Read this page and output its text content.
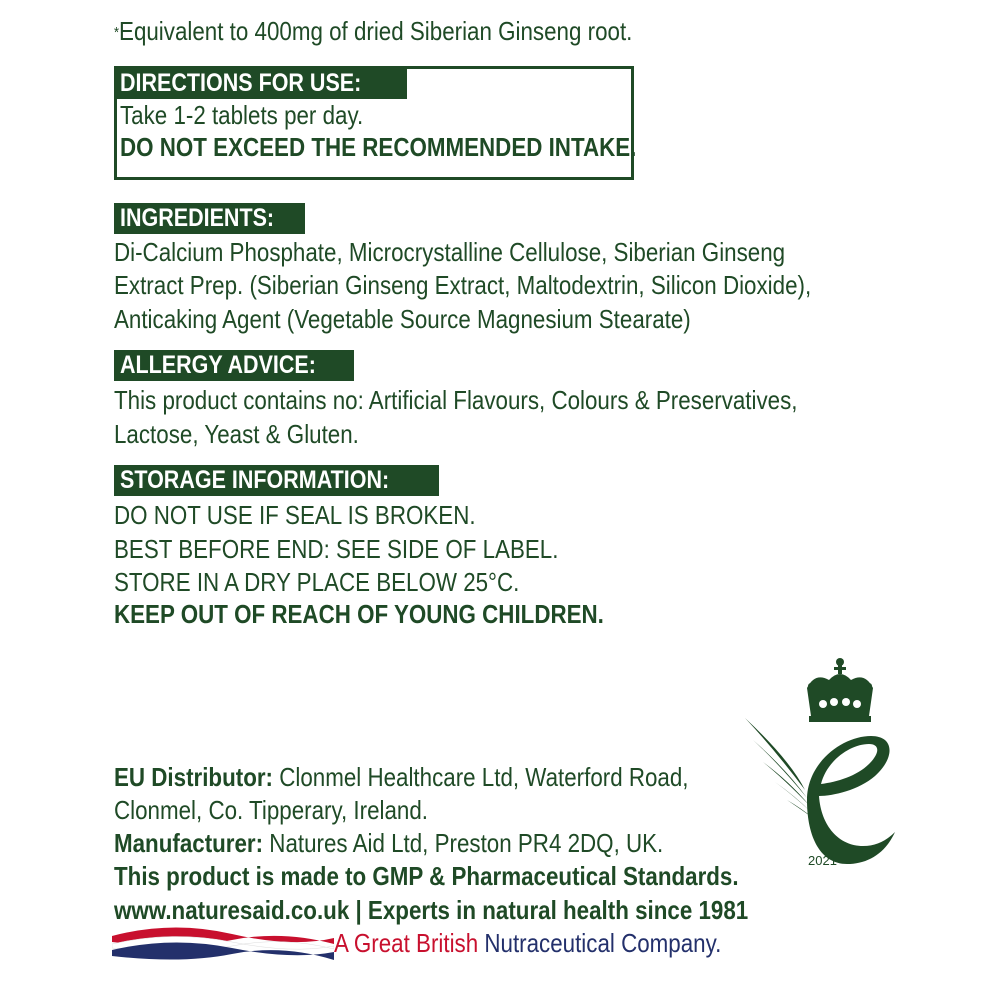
*Equivalent to 400mg of dried Siberian Ginseng root.
DIRECTIONS FOR USE:
Take 1-2 tablets per day.
DO NOT EXCEED THE RECOMMENDED INTAKE.
INGREDIENTS:
Di-Calcium Phosphate, Microcrystalline Cellulose, Siberian Ginseng
Extract Prep. (Siberian Ginseng Extract, Maltodextrin, Silicon Dioxide),
Anticaking Agent (Vegetable Source Magnesium Stearate)
ALLERGY ADVICE:
This product contains no: Artificial Flavours, Colours & Preservatives,
Lactose, Yeast & Gluten.
STORAGE INFORMATION:
DO NOT USE IF SEAL IS BROKEN.
BEST BEFORE END: SEE SIDE OF LABEL.
STORE IN A DRY PLACE BELOW 25°C.
KEEP OUT OF REACH OF YOUNG CHILDREN.
2021
EU Distributor: Clonmel Healthcare Ltd, Waterford Road,
Clonmel, Co. Tipperary, Ireland.
Manufacturer: Natures Aid Ltd, Preston PR4 2DQ, UK.
This product is made to GMP & Pharmaceutical Standards.
www.naturesaid.co.uk | Experts in natural health since 1981
A Great British Nutraceutical Company.
